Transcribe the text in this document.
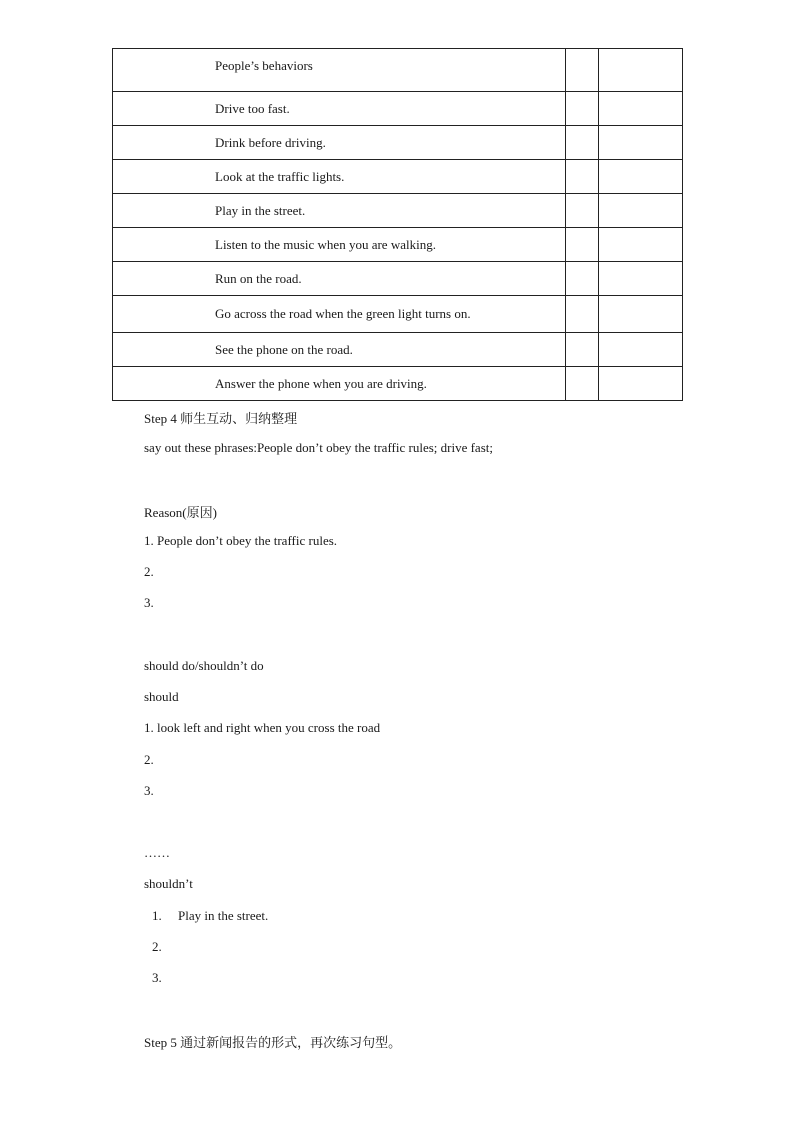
People’s behaviors		
Drive too fast.		
Drink before driving.		
Look at the traffic lights.		
Play in the street.		
Listen to the music when you are walking.		
Run on the road.		
Go across the road when the green light turns on.		
See the phone on the road.		
Answer the phone when you are driving.		
Step 4 师生互动、归纳整理
say out these phrases:People don’t obey the traffic rules; drive fast;
Reason(原因)
1. People don’t obey the traffic rules.
2.
3.
should do/shouldn’t do
should
1. look left and right when you cross the road
2.
3.
……
shouldn’t
1. Play in the street.
2.
3.
Step 5 通过新闻报告的形式，再次练习句型。
